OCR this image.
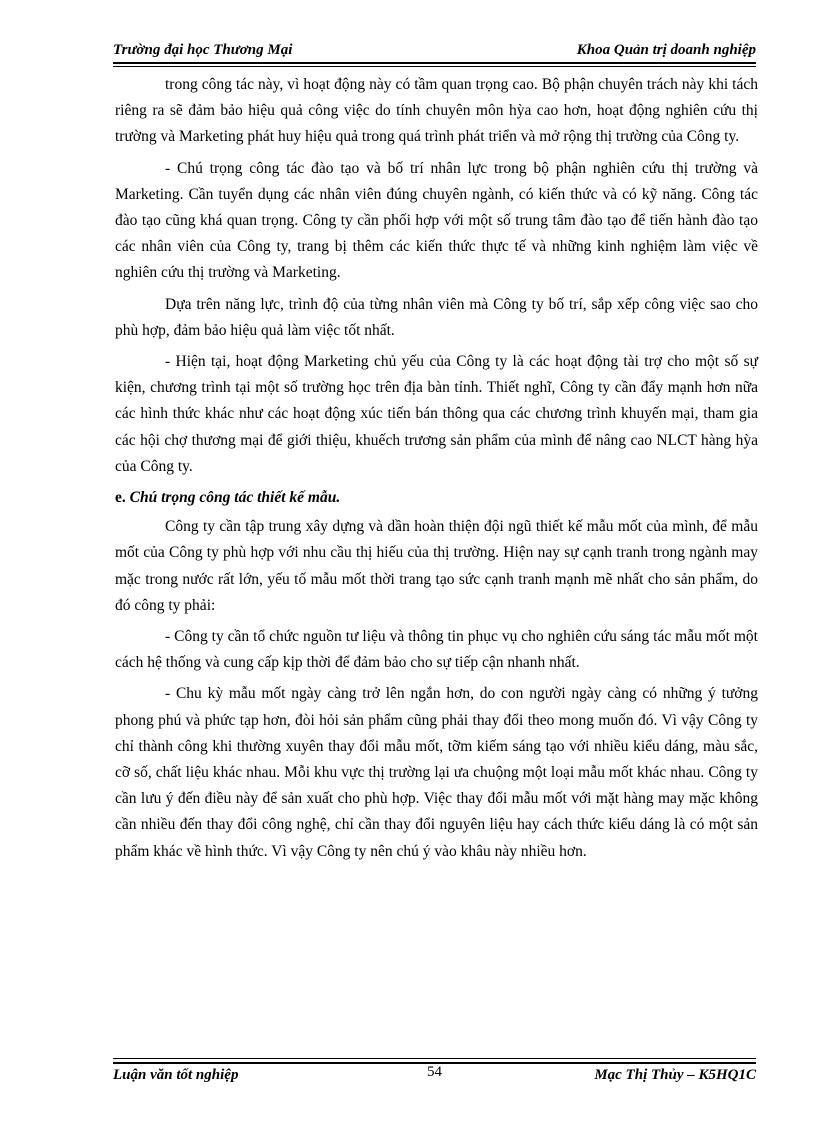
Trường đại học Thương Mại	Khoa Quản trị doanh nghiệp

trong công tác này, vì hoạt động này có tầm quan trọng cao. Bộ phận chuyên trách này khi tách riêng ra sẽ đảm bảo hiệu quả công việc do tính chuyên môn hỳa cao hơn, hoạt động nghiên cứu thị trường và Marketing phát huy hiệu quả trong quá trình phát triển và mở rộng thị trường của Công ty.

- Chú trọng công tác đào tạo và bố trí nhân lực trong bộ phận nghiên cứu thị trường và Marketing. Cần tuyển dụng các nhân viên đúng chuyên ngành, có kiến thức và có kỹ năng. Công tác đào tạo cũng khá quan trọng. Công ty cần phối hợp với một số trung tâm đào tạo để tiến hành đào tạo các nhân viên của Công ty, trang bị thêm các kiến thức thực tế và những kinh nghiệm làm việc về nghiên cứu thị trường và Marketing.

Dựa trên năng lực, trình độ của từng nhân viên mà Công ty bố trí, sắp xếp công việc sao cho phù hợp, đảm bảo hiệu quả làm việc tốt nhất.

- Hiện tại, hoạt động Marketing chủ yếu của Công ty là các hoạt động tài trợ cho một số sự kiện, chương trình tại một số trường học trên địa bàn tỉnh. Thiết nghĩ, Công ty cần đẩy mạnh hơn nữa các hình thức khác như các hoạt động xúc tiến bán thông qua các chương trình khuyến mại, tham gia các hội chợ thương mại để giới thiệu, khuếch trương sản phẩm của mình để nâng cao NLCT hàng hỳa của Công ty.

e. Chú trọng công tác thiết kế mẫu.

Công ty cần tập trung xây dựng và dần hoàn thiện đội ngũ thiết kế mẫu mốt của mình, để mẫu mốt của Công ty phù hợp với nhu cầu thị hiếu của thị trường. Hiện nay sự cạnh tranh trong ngành may mặc trong nước rất lớn, yếu tố mẫu mốt thời trang tạo sức cạnh tranh mạnh mẽ nhất cho sản phẩm, do đó công ty phải:

- Công ty cần tổ chức nguồn tư liệu và thông tin phục vụ cho nghiên cứu sáng tác mẫu mốt một cách hệ thống và cung cấp kịp thời để đảm bảo cho sự tiếp cận nhanh nhất.

- Chu kỳ mẫu mốt ngày càng trở lên ngắn hơn, do con người ngày càng có những ý tưởng phong phú và phức tạp hơn, đòi hỏi sản phẩm cũng phải thay đổi theo mong muốn đó. Vì vậy Công ty chỉ thành công khi thường xuyên thay đổi mẫu mốt, tỡm kiếm sáng tạo với nhiều kiểu dáng, màu sắc, cỡ số, chất liệu khác nhau. Mỗi khu vực thị trường lại ưa chuộng một loại mẫu mốt khác nhau. Công ty cần lưu ý đến điều này để sản xuất cho phù hợp. Việc thay đổi mẫu mốt với mặt hàng may mặc không cần nhiều đến thay đổi công nghệ, chỉ cần thay đổi nguyên liệu hay cách thức kiểu dáng là có một sản phẩm khác về hình thức. Vì vậy Công ty nên chú ý vào khâu này nhiều hơn.

Luận văn tốt nghiệp	54	Mạc Thị Thủy – K5HQ1C
